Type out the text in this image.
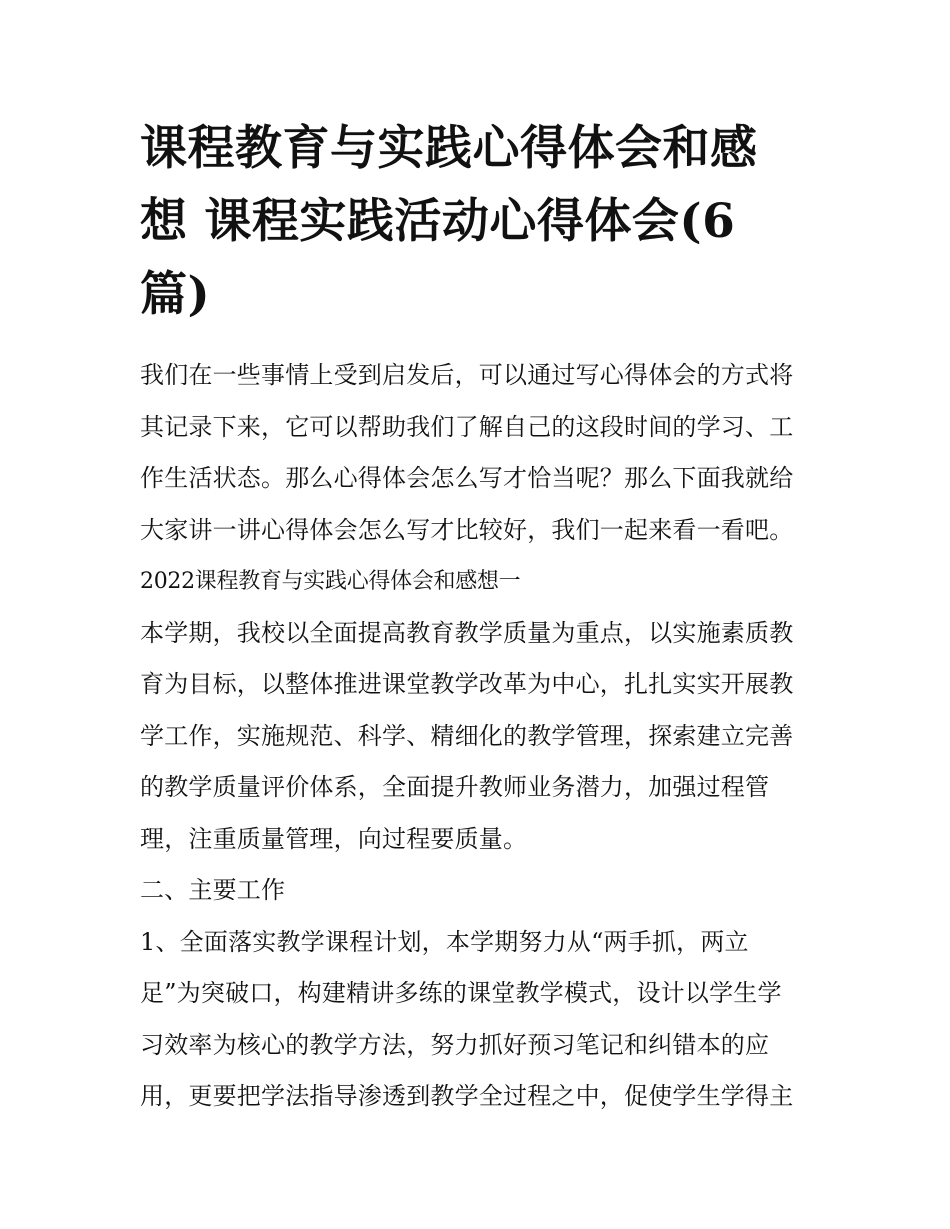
课程教育与实践心得体会和感
想 课程实践活动心得体会(6
篇)
我们在一些事情上受到启发后，可以通过写心得体会的方式将
其记录下来，它可以帮助我们了解自己的这段时间的学习、工
作生活状态。那么心得体会怎么写才恰当呢？那么下面我就给
大家讲一讲心得体会怎么写才比较好，我们一起来看一看吧。
2022课程教育与实践心得体会和感想一
本学期，我校以全面提高教育教学质量为重点，以实施素质教
育为目标，以整体推进课堂教学改革为中心，扎扎实实开展教
学工作，实施规范、科学、精细化的教学管理，探索建立完善
的教学质量评价体系，全面提升教师业务潜力，加强过程管
理，注重质量管理，向过程要质量。
二、主要工作
1、全面落实教学课程计划，本学期努力从“两手抓，两立
足”为突破口，构建精讲多练的课堂教学模式，设计以学生学
习效率为核心的教学方法，努力抓好预习笔记和纠错本的应
用，更要把学法指导渗透到教学全过程之中，促使学生学得主
